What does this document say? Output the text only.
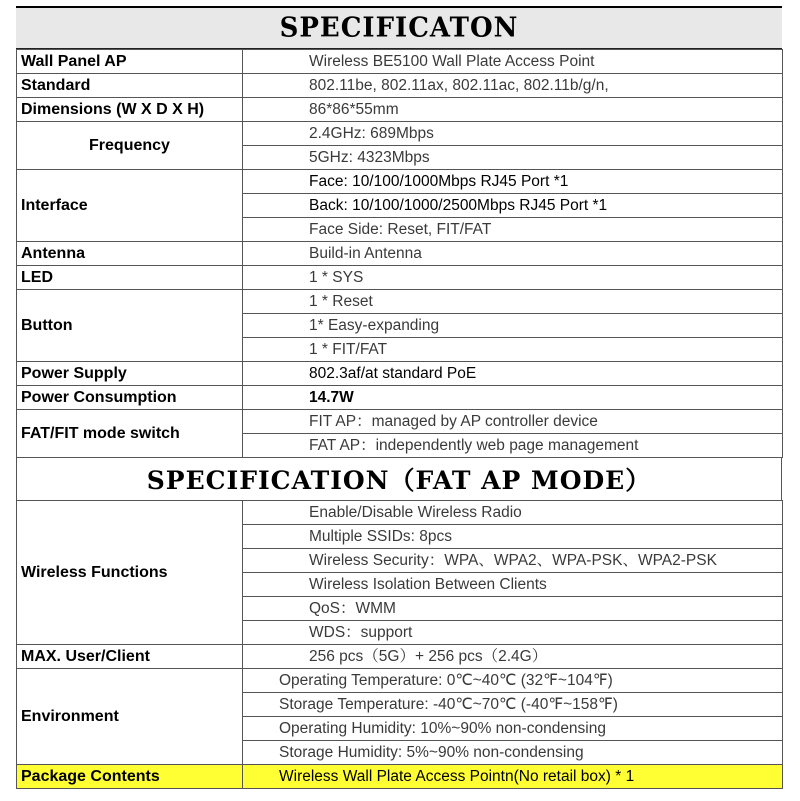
SPECIFICATON
Wall Panel AP	Wireless BE5100 Wall Plate Access Point
Standard	802.11be, 802.11ax, 802.11ac, 802.11b/g/n,
Dimensions (W X D X H)	86*86*55mm
Frequency	2.4GHz: 689Mbps
	5GHz: 4323Mbps
Interface	Face: 10/100/1000Mbps RJ45 Port *1
	Back: 10/100/1000/2500Mbps RJ45 Port *1
	Face Side: Reset, FIT/FAT
Antenna	Build-in Antenna
LED	1 * SYS
Button	1 * Reset
	1* Easy-expanding
	1 * FIT/FAT
Power Supply	802.3af/at standard PoE
Power Consumption	14.7W
FAT/FIT mode switch	FIT AP：managed by AP controller device
	FAT AP：independently web page management
SPECIFICATION（FAT AP MODE）
Wireless Functions	Enable/Disable Wireless Radio
	Multiple SSIDs: 8pcs
	Wireless Security：WPA、WPA2、WPA-PSK、WPA2-PSK
	Wireless Isolation Between Clients
	QoS：WMM
	WDS：support
MAX. User/Client	256 pcs（5G）+ 256 pcs（2.4G）
Environment	Operating Temperature: 0℃~40℃ (32℉~104℉)
	Storage Temperature: -40℃~70℃ (-40℉~158℉)
	Operating Humidity: 10%~90% non-condensing
	Storage Humidity: 5%~90% non-condensing
Package Contents	Wireless Wall Plate Access Pointn(No retail box) * 1
